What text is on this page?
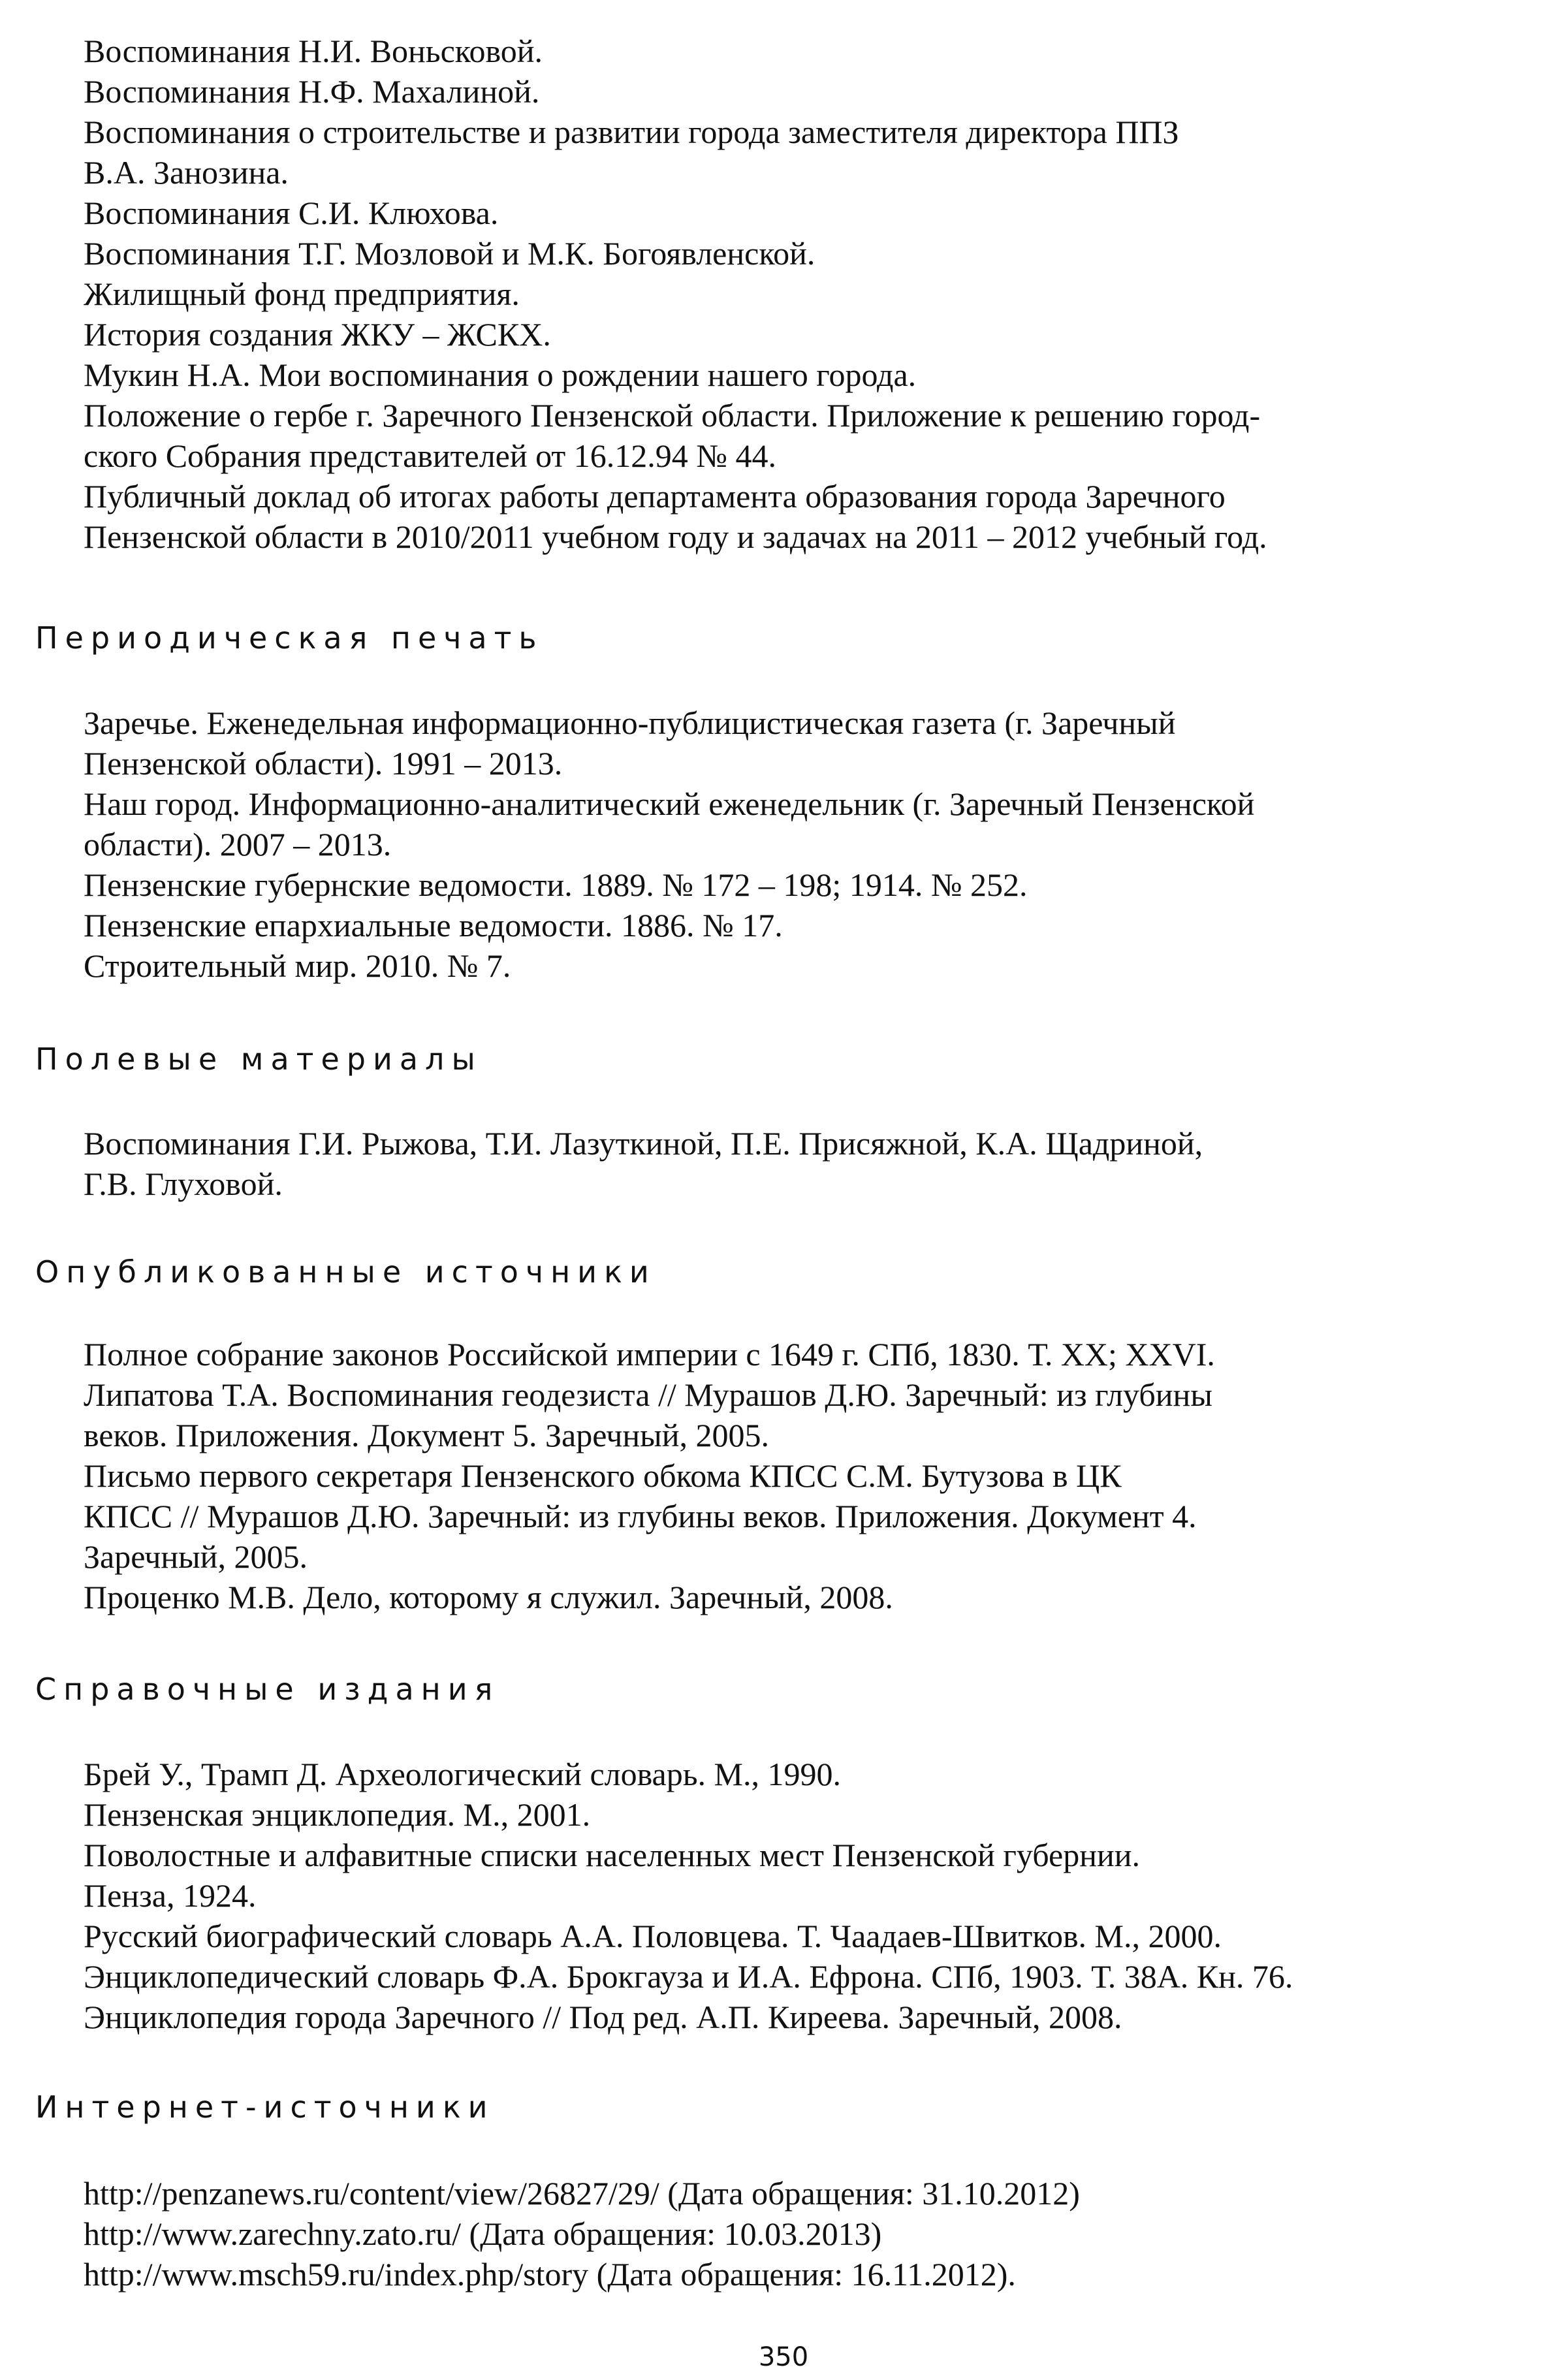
Воспоминания Н.И. Воньсковой.
Воспоминания Н.Ф. Махалиной.
Воспоминания о строительстве и развитии города заместителя директора ППЗ
В.А. Занозина.
Воспоминания С.И. Клюхова.
Воспоминания Т.Г. Мозловой и М.К. Богоявленской.
Жилищный фонд предприятия.
История создания ЖКУ – ЖСКХ.
Мукин Н.А. Мои воспоминания о рождении нашего города.
Положение о гербе г. Заречного Пензенской области. Приложение к решению город-
ского Собрания представителей от 16.12.94 № 44.
Публичный доклад об итогах работы департамента образования города Заречного
Пензенской области в 2010/2011 учебном году и задачах на 2011 – 2012 учебный год.
Периодическая печать
Заречье. Еженедельная информационно-публицистическая газета (г. Заречный
Пензенской области). 1991 – 2013.
Наш город. Информационно-аналитический еженедельник (г. Заречный Пензенской
области). 2007 – 2013.
Пензенские губернские ведомости. 1889. № 172 – 198; 1914. № 252.
Пензенские епархиальные ведомости. 1886. № 17.
Строительный мир. 2010. № 7.
Полевые материалы
Воспоминания Г.И. Рыжова, Т.И. Лазуткиной, П.Е. Присяжной, К.А. Щадриной,
Г.В. Глуховой.
Опубликованные источники
Полное собрание законов Российской империи с 1649 г. СПб, 1830. Т. XX; XXVI.
Липатова Т.А. Воспоминания геодезиста // Мурашов Д.Ю. Заречный: из глубины
веков. Приложения. Документ 5. Заречный, 2005.
Письмо первого секретаря Пензенского обкома КПСС С.М. Бутузова в ЦК
КПСС // Мурашов Д.Ю. Заречный: из глубины веков. Приложения. Документ 4.
Заречный, 2005.
Проценко М.В. Дело, которому я служил. Заречный, 2008.
Справочные издания
Брей У., Трамп Д. Археологический словарь. М., 1990.
Пензенская энциклопедия. М., 2001.
Поволостные и алфавитные списки населенных мест Пензенской губернии.
Пенза, 1924.
Русский биографический словарь А.А. Половцева. Т. Чаадаев-Швитков. М., 2000.
Энциклопедический словарь Ф.А. Брокгауза и И.А. Ефрона. СПб, 1903. Т. 38А. Кн. 76.
Энциклопедия города Заречного // Под ред. А.П. Киреева. Заречный, 2008.
Интернет-источники
http://penzanews.ru/content/view/26827/29/ (Дата обращения: 31.10.2012)
http://www.zarechny.zato.ru/ (Дата обращения: 10.03.2013)
http://www.msch59.ru/index.php/story (Дата обращения: 16.11.2012).
350
